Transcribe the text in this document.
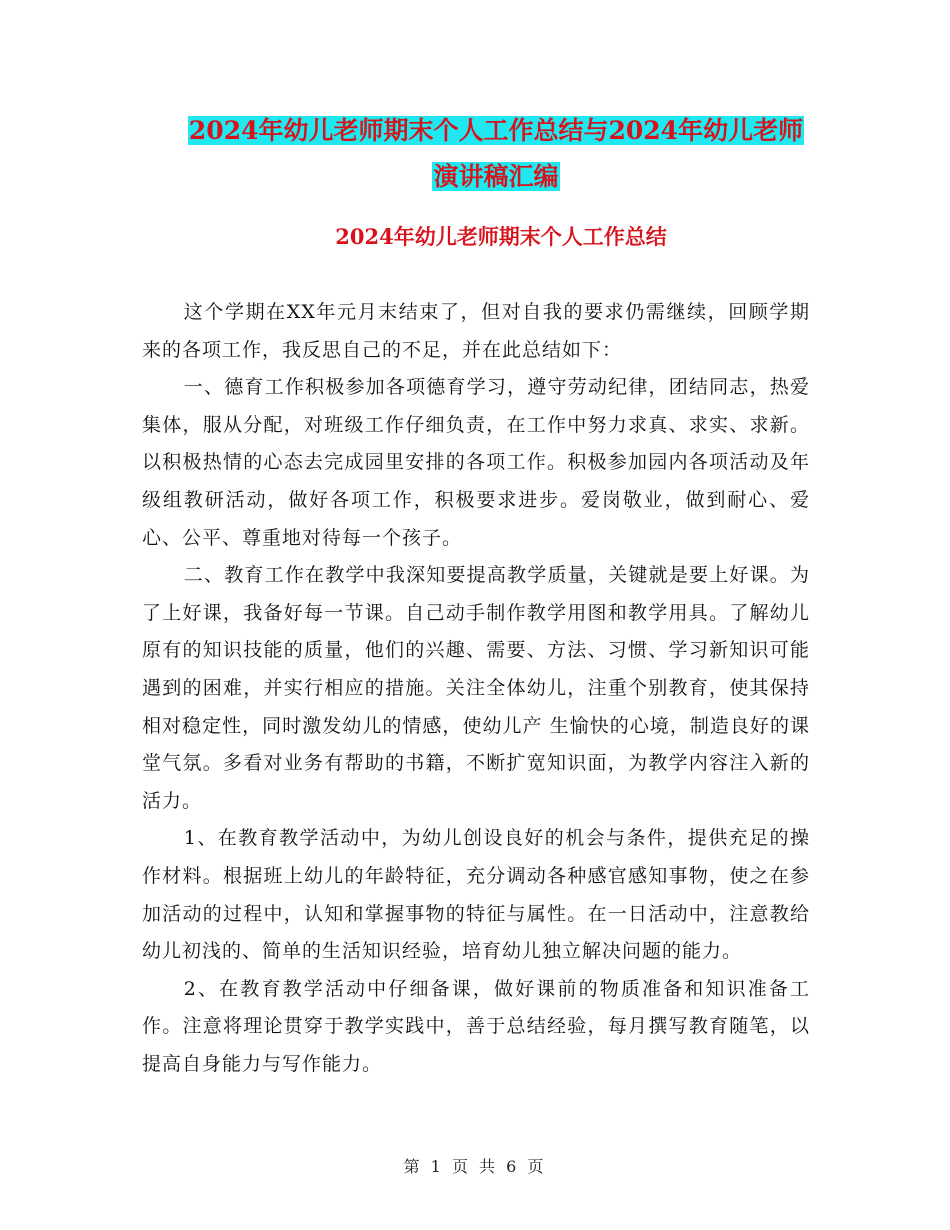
2024年幼儿老师期末个人工作总结与2024年幼儿老师
演讲稿汇编
2024年幼儿老师期末个人工作总结

这个学期在XX年元月末结束了，但对自我的要求仍需继续，回顾学期来的各项工作，我反思自己的不足，并在此总结如下：

一、德育工作积极参加各项德育学习，遵守劳动纪律，团结同志，热爱集体，服从分配，对班级工作仔细负责，在工作中努力求真、求实、求新。以积极热情的心态去完成园里安排的各项工作。积极参加园内各项活动及年级组教研活动，做好各项工作，积极要求进步。爱岗敬业，做到耐心、爱心、公平、尊重地对待每一个孩子。

二、教育工作在教学中我深知要提高教学质量，关键就是要上好课。为了上好课，我备好每一节课。自己动手制作教学用图和教学用具。了解幼儿原有的知识技能的质量，他们的兴趣、需要、方法、习惯、学习新知识可能遇到的困难，并实行相应的措施。关注全体幼儿，注重个别教育，使其保持相对稳定性，同时激发幼儿的情感，使幼儿产 生愉快的心境，制造良好的课堂气氛。多看对业务有帮助的书籍，不断扩宽知识面，为教学内容注入新的活力。

1、在教育教学活动中，为幼儿创设良好的机会与条件，提供充足的操作材料。根据班上幼儿的年龄特征，充分调动各种感官感知事物，使之在参加活动的过程中，认知和掌握事物的特征与属性。在一日活动中，注意教给幼儿初浅的、简单的生活知识经验，培育幼儿独立解决问题的能力。

2、在教育教学活动中仔细备课，做好课前的物质准备和知识准备工作。注意将理论贯穿于教学实践中，善于总结经验，每月撰写教育随笔，以提高自身能力与写作能力。

第 1 页 共 6 页
